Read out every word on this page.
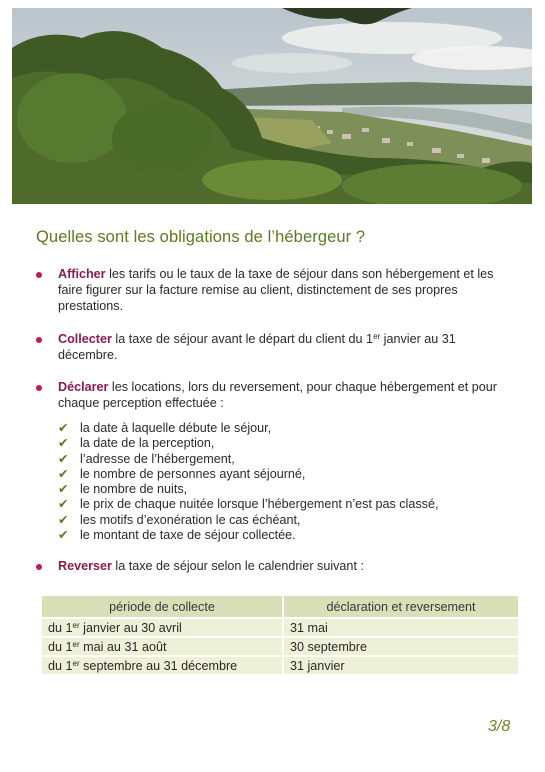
Quelles sont les obligations de l’hébergeur ?
Afficher les tarifs ou le taux de la taxe de séjour dans son hébergement et les faire figurer sur la facture remise au client, distinctement de ses propres prestations.
Collecter la taxe de séjour avant le départ du client du 1er janvier au 31 décembre.
Déclarer les locations, lors du reversement, pour chaque hébergement et pour chaque perception effectuée :
Reverser la taxe de séjour selon le calendrier suivant :
✔ la date à laquelle débute le séjour,
✔ la date de la perception,
✔ l’adresse de l’hébergement,
✔ le nombre de personnes ayant séjourné,
✔ le nombre de nuits,
✔ le prix de chaque nuitée lorsque l’hébergement n’est pas classé,
✔ les motifs d’exonération le cas échéant,
✔ le montant de taxe de séjour collectée.
période de collecte	déclaration et reversement
du 1er janvier au 30 avril	31 mai
du 1er mai au 31 août	30 septembre
du 1er septembre au 31 décembre	31 janvier
3/8
